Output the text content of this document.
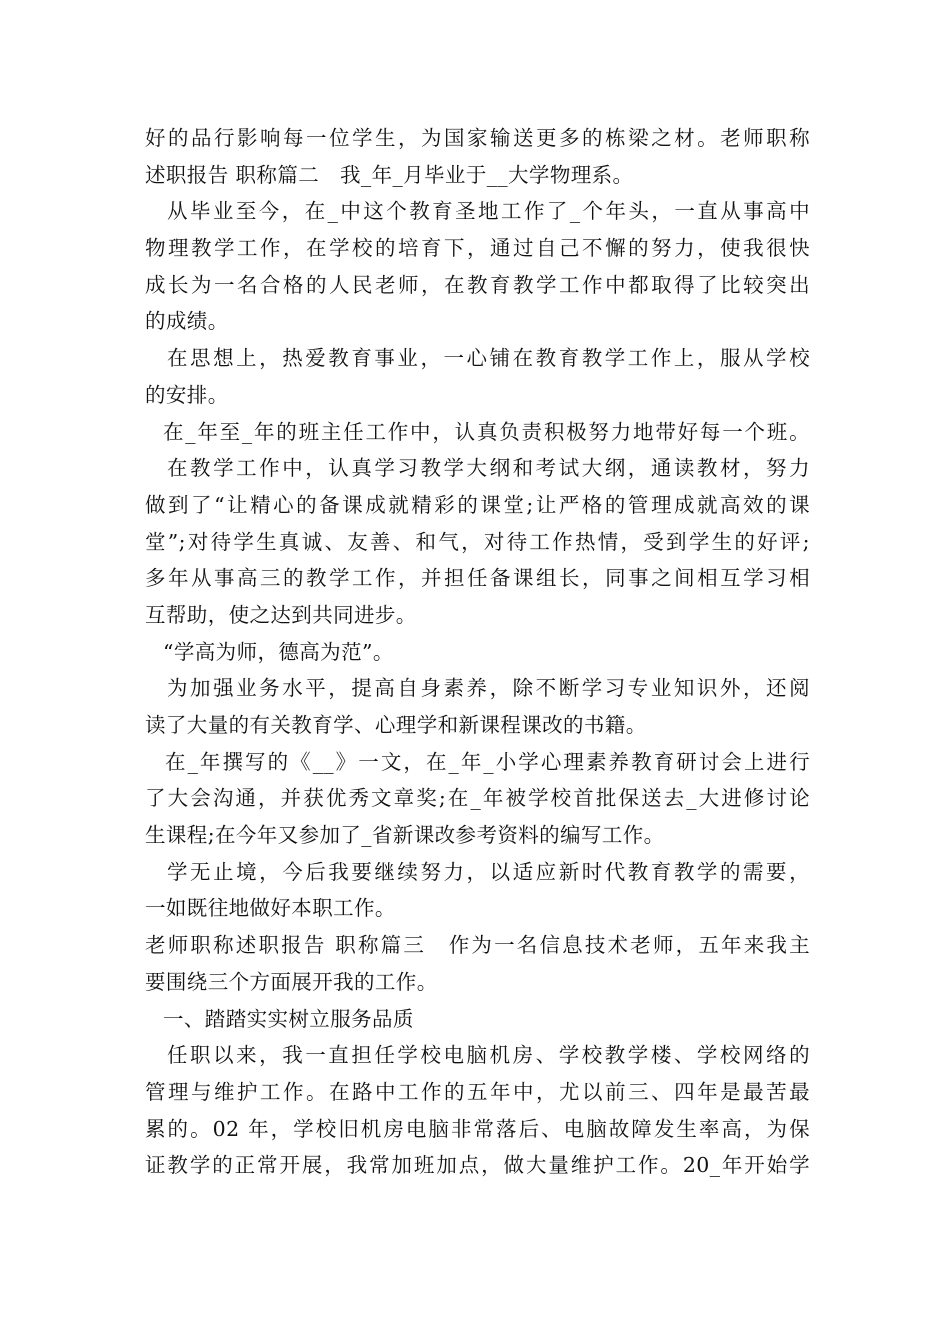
好的品行影响每一位学生，为国家输送更多的栋梁之材。老师职称
述职报告 职称篇二　我_年_月毕业于__大学物理系。
从毕业至今，在_中这个教育圣地工作了_个年头，一直从事高中
物理教学工作，在学校的培育下，通过自己不懈的努力，使我很快
成长为一名合格的人民老师，在教育教学工作中都取得了比较突出
的成绩。
在思想上，热爱教育事业，一心铺在教育教学工作上，服从学校
的安排。
在_年至_年的班主任工作中，认真负责积极努力地带好每一个班。
在教学工作中，认真学习教学大纲和考试大纲，通读教材，努力
做到了“让精心的备课成就精彩的课堂;让严格的管理成就高效的课
堂”;对待学生真诚、友善、和气，对待工作热情，受到学生的好评;
多年从事高三的教学工作，并担任备课组长，同事之间相互学习相
互帮助，使之达到共同进步。
“学高为师，德高为范”。
为加强业务水平，提高自身素养，除不断学习专业知识外，还阅
读了大量的有关教育学、心理学和新课程课改的书籍。
在_年撰写的《__》一文，在_年_小学心理素养教育研讨会上进行
了大会沟通，并获优秀文章奖;在_年被学校首批保送去_大进修讨论
生课程;在今年又参加了_省新课改参考资料的编写工作。
学无止境，今后我要继续努力，以适应新时代教育教学的需要，
一如既往地做好本职工作。
老师职称述职报告 职称篇三　作为一名信息技术老师，五年来我主
要围绕三个方面展开我的工作。
一、踏踏实实树立服务品质
任职以来，我一直担任学校电脑机房、学校教学楼、学校网络的
管理与维护工作。在路中工作的五年中，尤以前三、四年是最苦最
累的。02 年，学校旧机房电脑非常落后、电脑故障发生率高，为保
证教学的正常开展，我常加班加点，做大量维护工作。20_年开始学
